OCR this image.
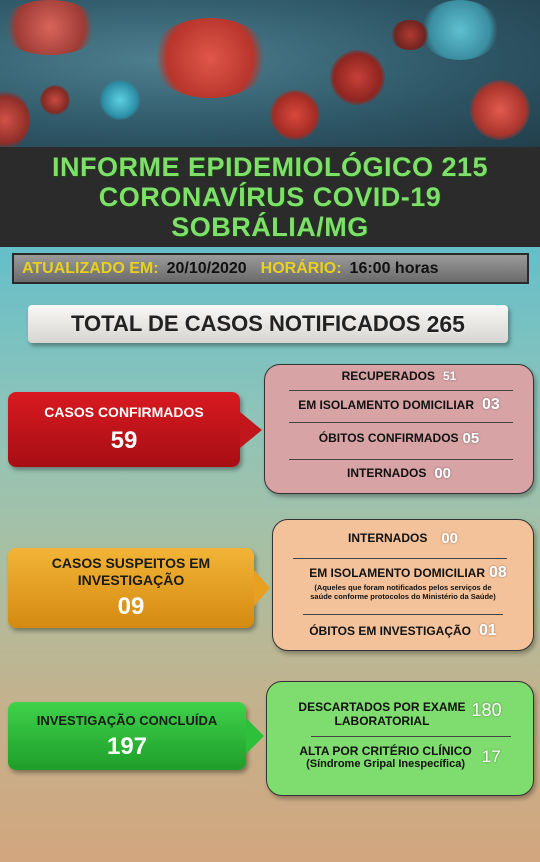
INFORME EPIDEMIOLÓGICO 215
CORONAVÍRUS COVID-19
SOBRÁLIA/MG
ATUALIZADO EM: 20/10/2020 HORÁRIO: 16:00 horas
TOTAL DE CASOS NOTIFICADOS 265
CASOS CONFIRMADOS
59
RECUPERADOS 51
EM ISOLAMENTO DOMICILIAR 03
ÓBITOS CONFIRMADOS 05
INTERNADOS 00
CASOS SUSPEITOS EM
INVESTIGAÇÃO
09
INTERNADOS 00
EM ISOLAMENTO DOMICILIAR 08
(Aqueles que foram notificados pelos serviços de
saúde conforme protocolos do Ministério da Saúde)
ÓBITOS EM INVESTIGAÇÃO 01
INVESTIGAÇÃO CONCLUÍDA
197
DESCARTADOS POR EXAME
LABORATORIAL
180
ALTA POR CRITÉRIO CLÍNICO
(Síndrome Gripal Inespecífica) 17
